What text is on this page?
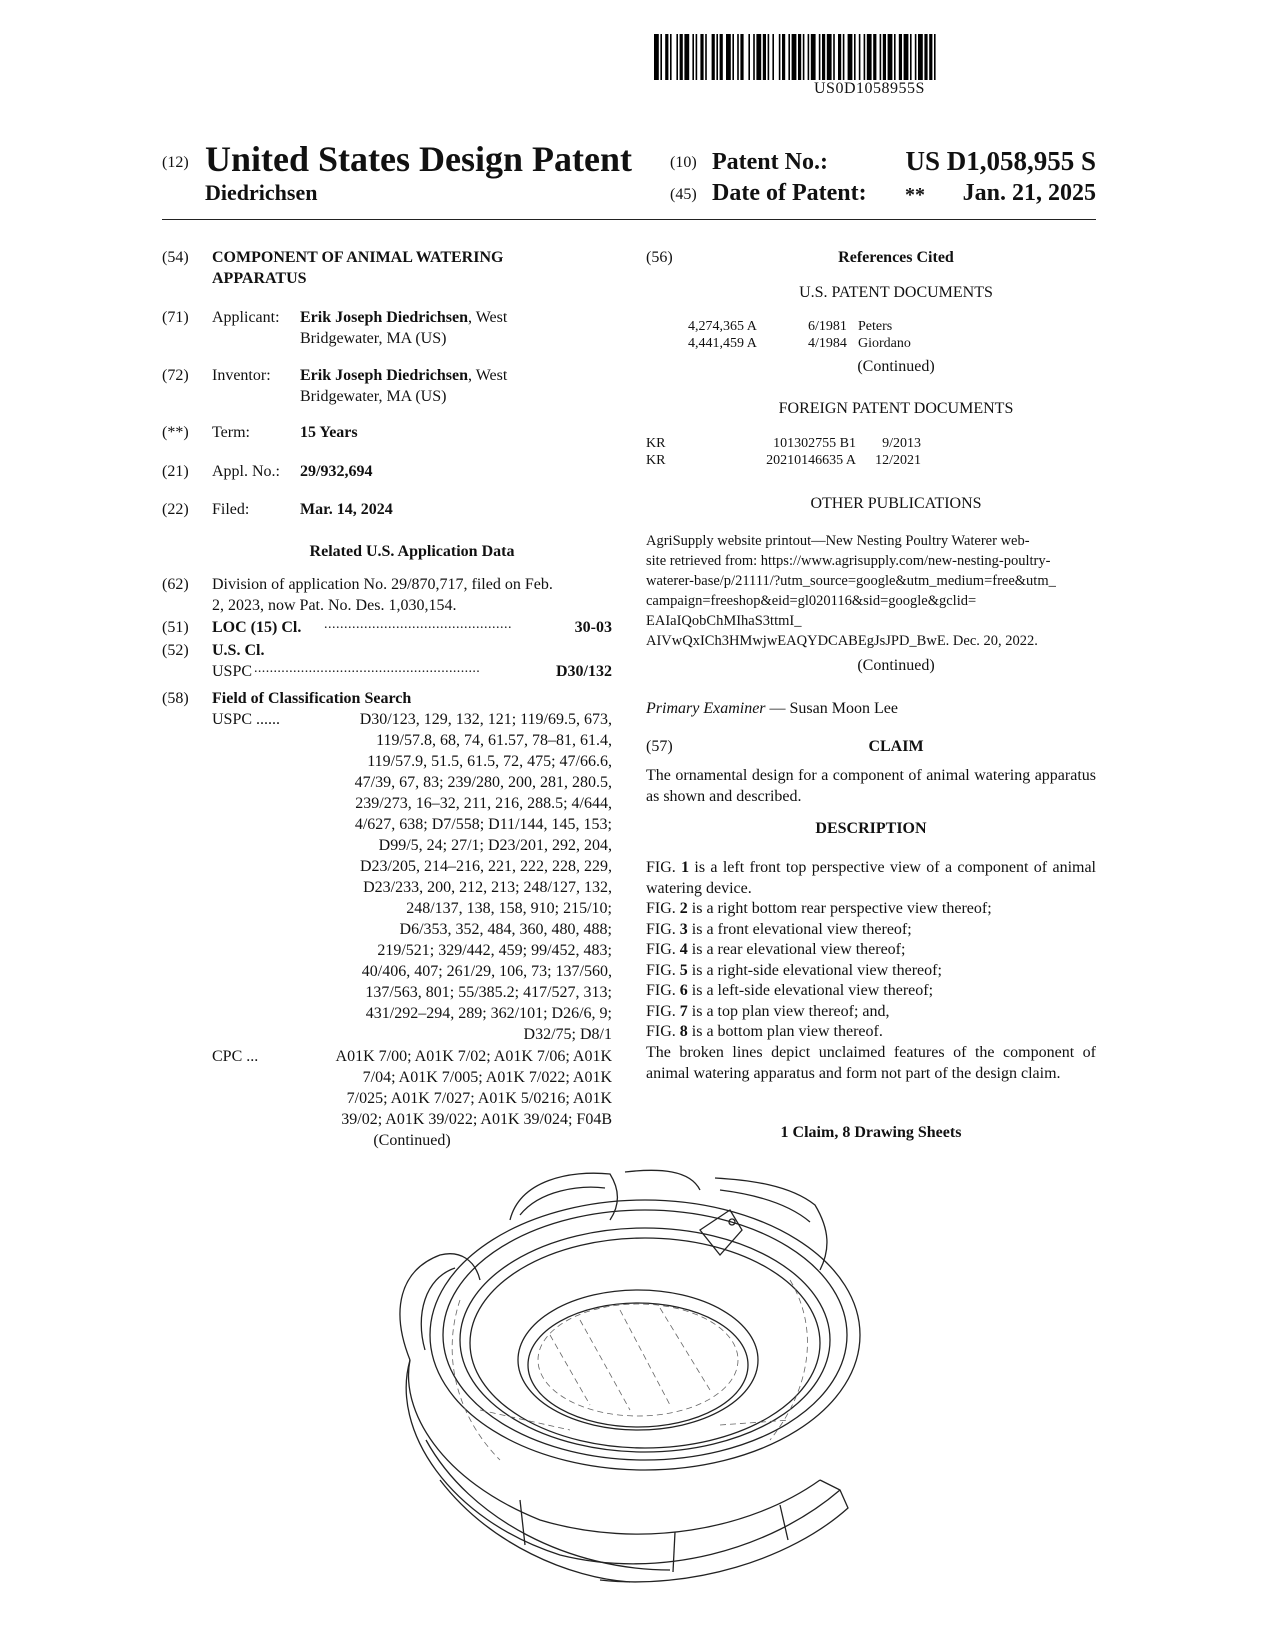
US0D1058955S
(12) United States Design Patent (10) Patent No.:	US D1,058,955 S
Diedrichsen	(45) Date of Patent: **	Jan. 21, 2025
(54) COMPONENT OF ANIMAL WATERING
APPARATUS
(71) Applicant: Erik Joseph Diedrichsen, West
Bridgewater, MA (US)
(72) Inventor: Erik Joseph Diedrichsen, West
Bridgewater, MA (US)
(**) Term:	15 Years
(21) Appl. No.: 29/932,694
(22) Filed:	Mar. 14, 2024
Related U.S. Application Data
(62) Division of application No. 29/870,717, filed on Feb.
2, 2023, now Pat. No. Des. 1,030,154.
(51) LOC (15) Cl. ...............................................	30-03
(52) U.S. Cl.
USPC ..........................................................	D30/132
(58) Field of Classification Search
USPC ......	D30/123, 129, 132, 121; 119/69.5, 673,
119/57.8, 68, 74, 61.57, 78–81, 61.4,
119/57.9, 51.5, 61.5, 72, 475; 47/66.6,
47/39, 67, 83; 239/280, 200, 281, 280.5,
239/273, 16–32, 211, 216, 288.5; 4/644,
4/627, 638; D7/558; D11/144, 145, 153;
D99/5, 24; 27/1; D23/201, 292, 204,
D23/205, 214–216, 221, 222, 228, 229,
D23/233, 200, 212, 213; 248/127, 132,
248/137, 138, 158, 910; 215/10;
D6/353, 352, 484, 360, 480, 488;
219/521; 329/442, 459; 99/452, 483;
40/406, 407; 261/29, 106, 73; 137/560,
137/563, 801; 55/385.2; 417/527, 313;
431/292–294, 289; 362/101; D26/6, 9;
D32/75; D8/1
CPC ...	A01K 7/00; A01K 7/02; A01K 7/06; A01K
7/04; A01K 7/005; A01K 7/022; A01K
7/025; A01K 7/027; A01K 5/0216; A01K
39/02; A01K 39/022; A01K 39/024; F04B
(Continued)
(56)	References Cited
U.S. PATENT DOCUMENTS
4,274,365 A	6/1981 Peters
4,441,459 A	4/1984 Giordano
(Continued)
FOREIGN PATENT DOCUMENTS
KR	101302755 B1	9/2013
KR	20210146635 A	12/2021
OTHER PUBLICATIONS
AgriSupply website printout—New Nesting Poultry Waterer web-
site retrieved from: https://www.agrisupply.com/new-nesting-poultry-
waterer-base/p/21111/?utm_source=google&utm_medium=free&utm_
campaign=freeshop&eid=gl020116&sid=google&gclid=
EAIaIQobChMIhaS3ttmI_
AIVwQxICh3HMwjwEAQYDCABEgJsJPD_BwE. Dec. 20, 2022.
(Continued)
Primary Examiner — Susan Moon Lee
(57)	CLAIM
The ornamental design for a component of animal watering apparatus as shown and described.
DESCRIPTION
FIG. 1 is a left front top perspective view of a component of animal watering device.
FIG. 2 is a right bottom rear perspective view thereof;
FIG. 3 is a front elevational view thereof;
FIG. 4 is a rear elevational view thereof;
FIG. 5 is a right-side elevational view thereof;
FIG. 6 is a left-side elevational view thereof;
FIG. 7 is a top plan view thereof; and,
FIG. 8 is a bottom plan view thereof.
The broken lines depict unclaimed features of the component of animal watering apparatus and form not part of the design claim.
1 Claim, 8 Drawing Sheets
